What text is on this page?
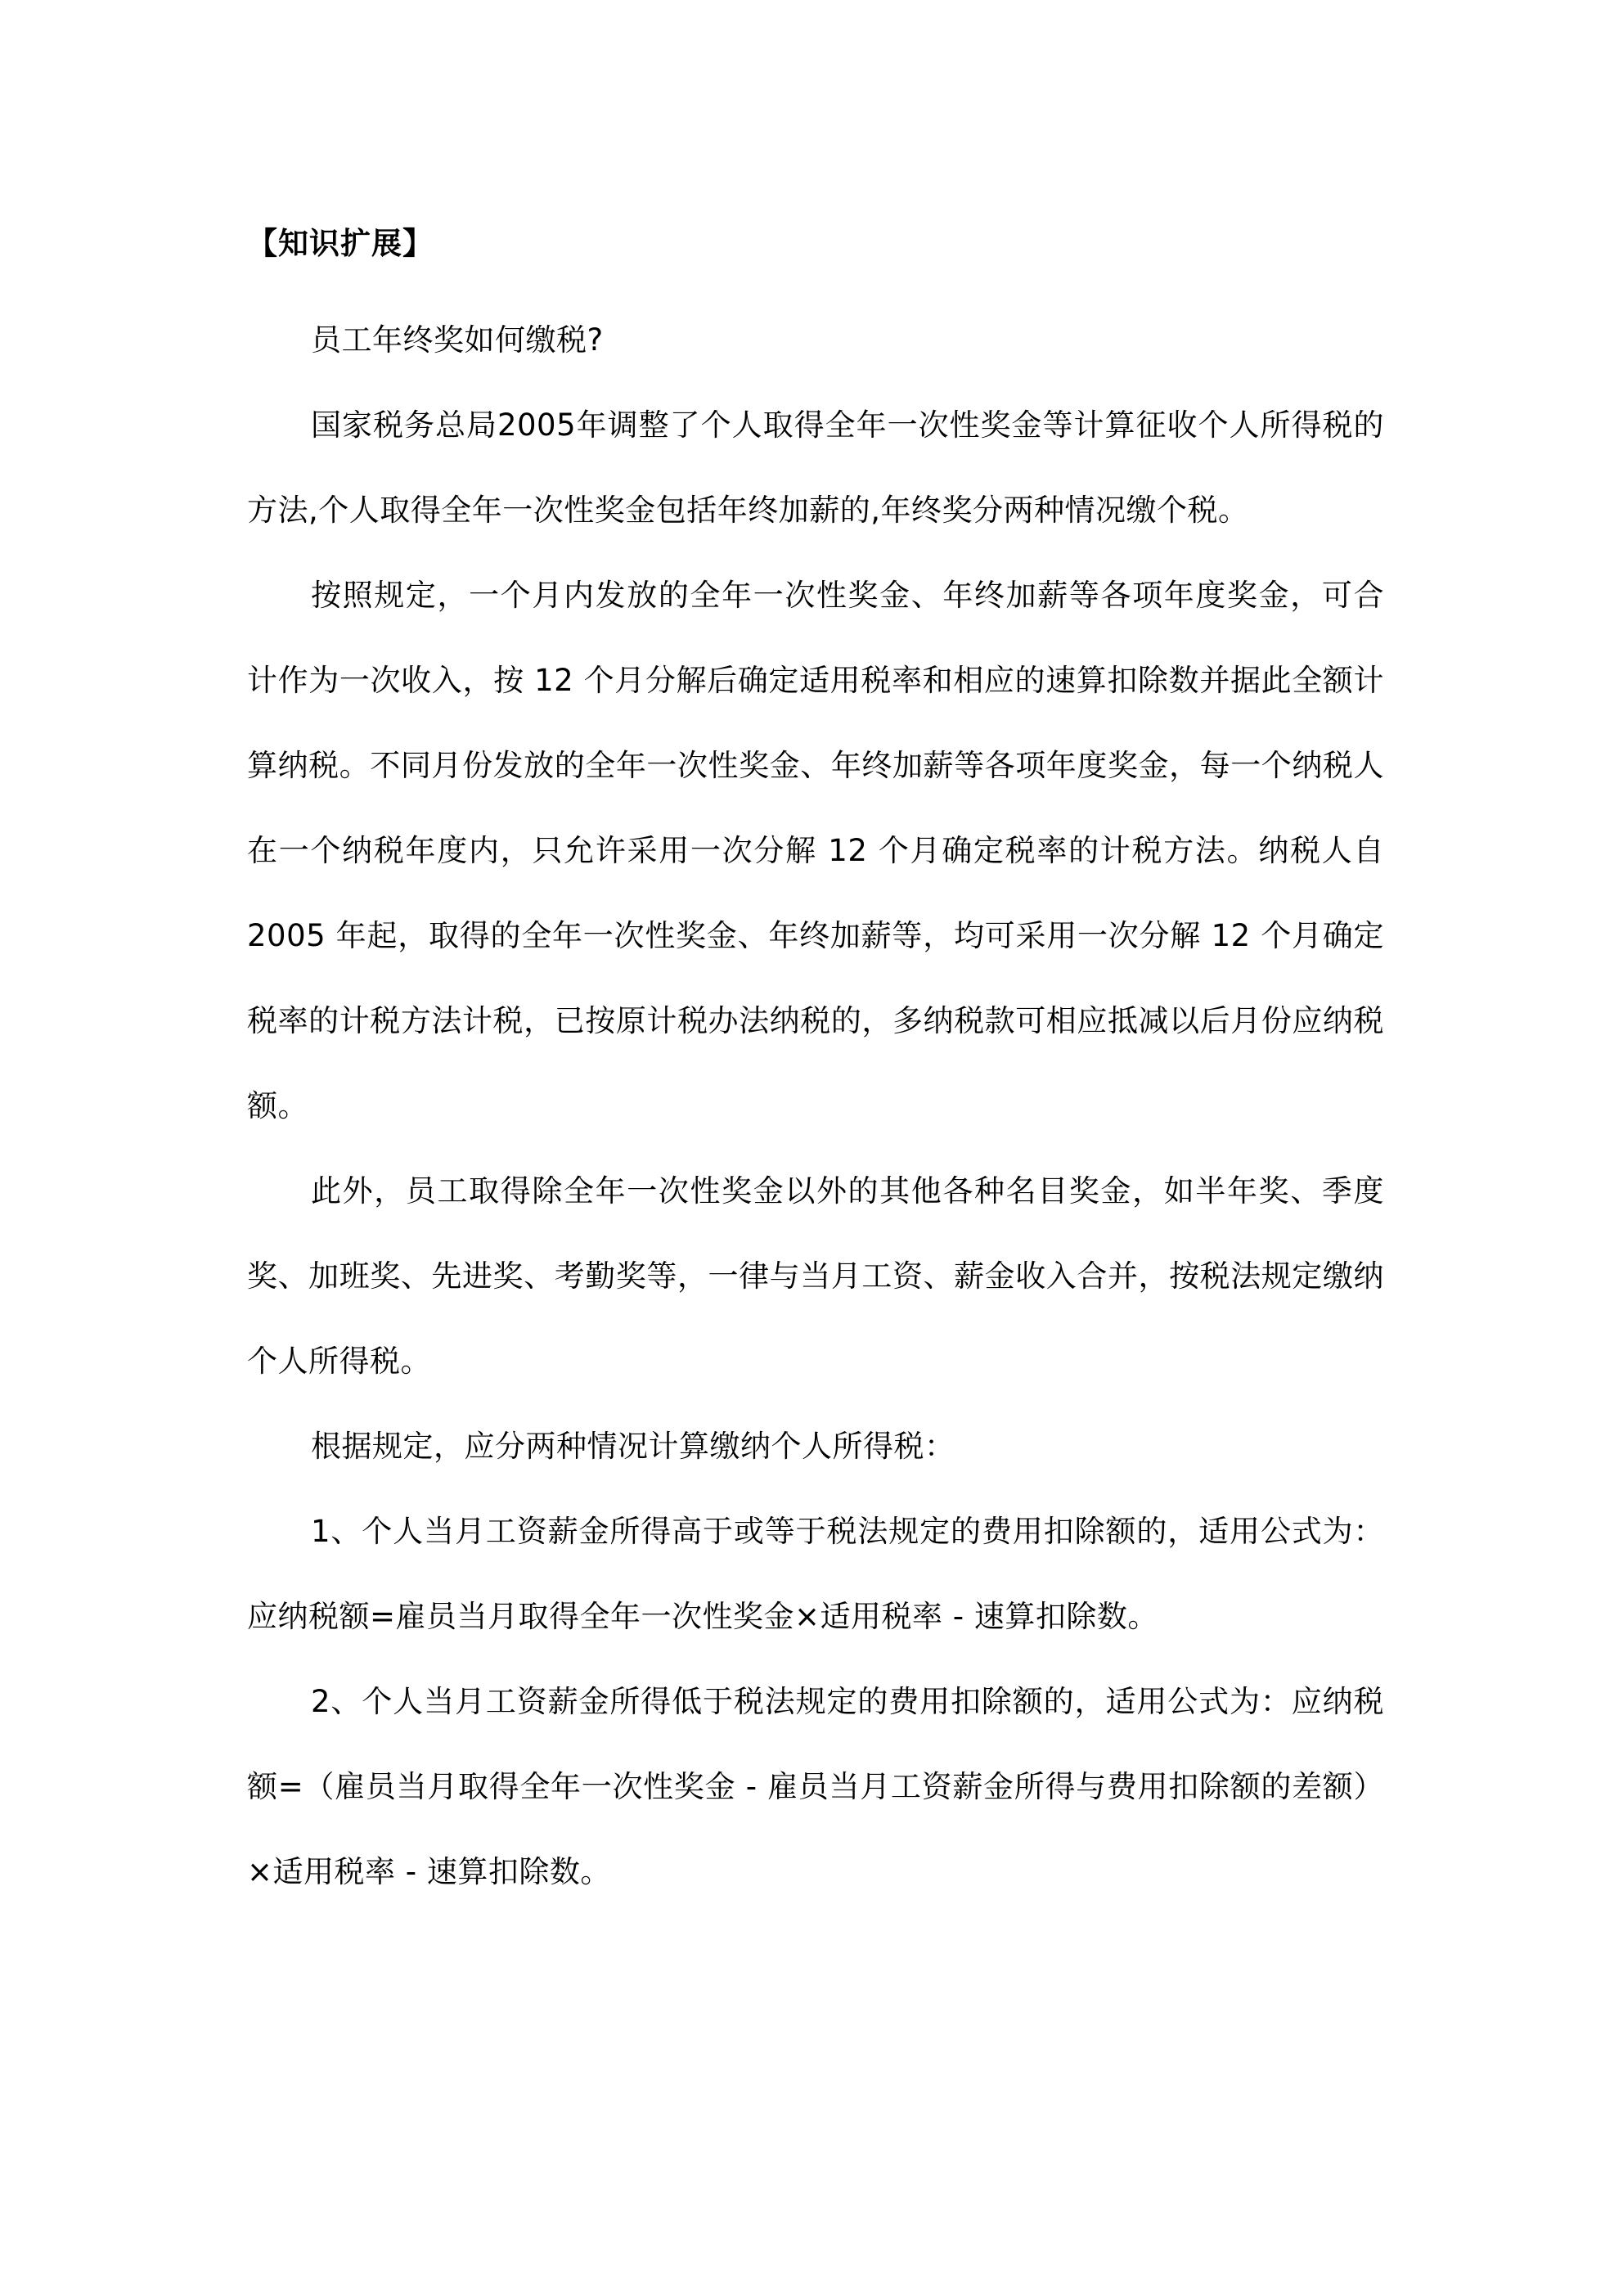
【知识扩展】

员工年终奖如何缴税?

国家税务总局2005年调整了个人取得全年一次性奖金等计算征收个人所得税的方法,个人取得全年一次性奖金包括年终加薪的,年终奖分两种情况缴个税。

按照规定，一个月内发放的全年一次性奖金、年终加薪等各项年度奖金，可合计作为一次收入，按 12 个月分解后确定适用税率和相应的速算扣除数并据此全额计算纳税。不同月份发放的全年一次性奖金、年终加薪等各项年度奖金，每一个纳税人在一个纳税年度内，只允许采用一次分解 12 个月确定税率的计税方法。纳税人自 2005 年起，取得的全年一次性奖金、年终加薪等，均可采用一次分解 12 个月确定税率的计税方法计税，已按原计税办法纳税的，多纳税款可相应抵减以后月份应纳税额。

此外，员工取得除全年一次性奖金以外的其他各种名目奖金，如半年奖、季度奖、加班奖、先进奖、考勤奖等，一律与当月工资、薪金收入合并，按税法规定缴纳个人所得税。

根据规定，应分两种情况计算缴纳个人所得税：

1、个人当月工资薪金所得高于或等于税法规定的费用扣除额的，适用公式为：应纳税额=雇员当月取得全年一次性奖金×适用税率 - 速算扣除数。

2、个人当月工资薪金所得低于税法规定的费用扣除额的，适用公式为：应纳税额=（雇员当月取得全年一次性奖金 - 雇员当月工资薪金所得与费用扣除额的差额）×适用税率 - 速算扣除数。
